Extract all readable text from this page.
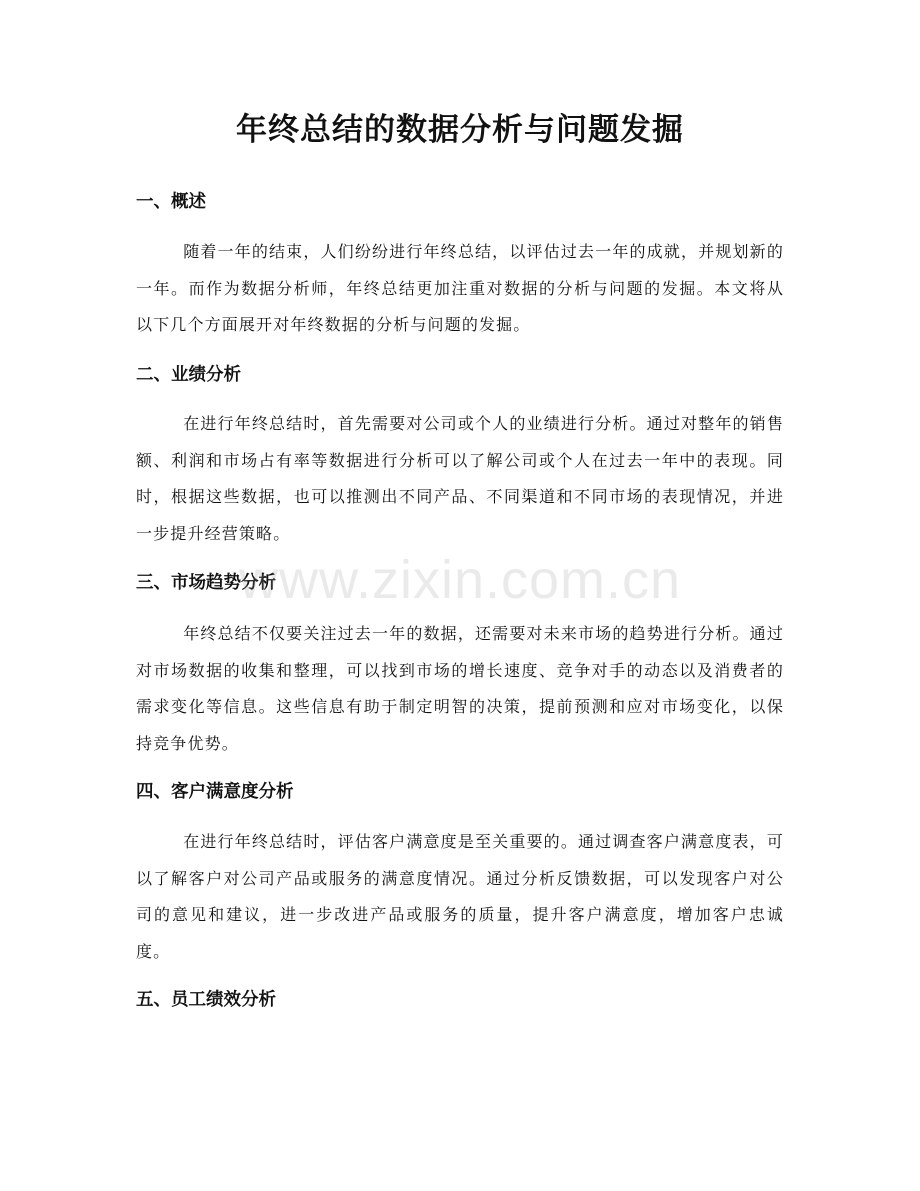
年终总结的数据分析与问题发掘
一、概述

随着一年的结束，人们纷纷进行年终总结，以评估过去一年的成就，并规划新的一年。而作为数据分析师，年终总结更加注重对数据的分析与问题的发掘。本文将从以下几个方面展开对年终数据的分析与问题的发掘。

二、业绩分析

在进行年终总结时，首先需要对公司或个人的业绩进行分析。通过对整年的销售额、利润和市场占有率等数据进行分析可以了解公司或个人在过去一年中的表现。同时，根据这些数据，也可以推测出不同产品、不同渠道和不同市场的表现情况，并进一步提升经营策略。

三、市场趋势分析

年终总结不仅要关注过去一年的数据，还需要对未来市场的趋势进行分析。通过对市场数据的收集和整理，可以找到市场的增长速度、竞争对手的动态以及消费者的需求变化等信息。这些信息有助于制定明智的决策，提前预测和应对市场变化，以保持竞争优势。

四、客户满意度分析

在进行年终总结时，评估客户满意度是至关重要的。通过调查客户满意度表，可以了解客户对公司产品或服务的满意度情况。通过分析反馈数据，可以发现客户对公司的意见和建议，进一步改进产品或服务的质量，提升客户满意度，增加客户忠诚度。

五、员工绩效分析
www.zixin.com.cn
